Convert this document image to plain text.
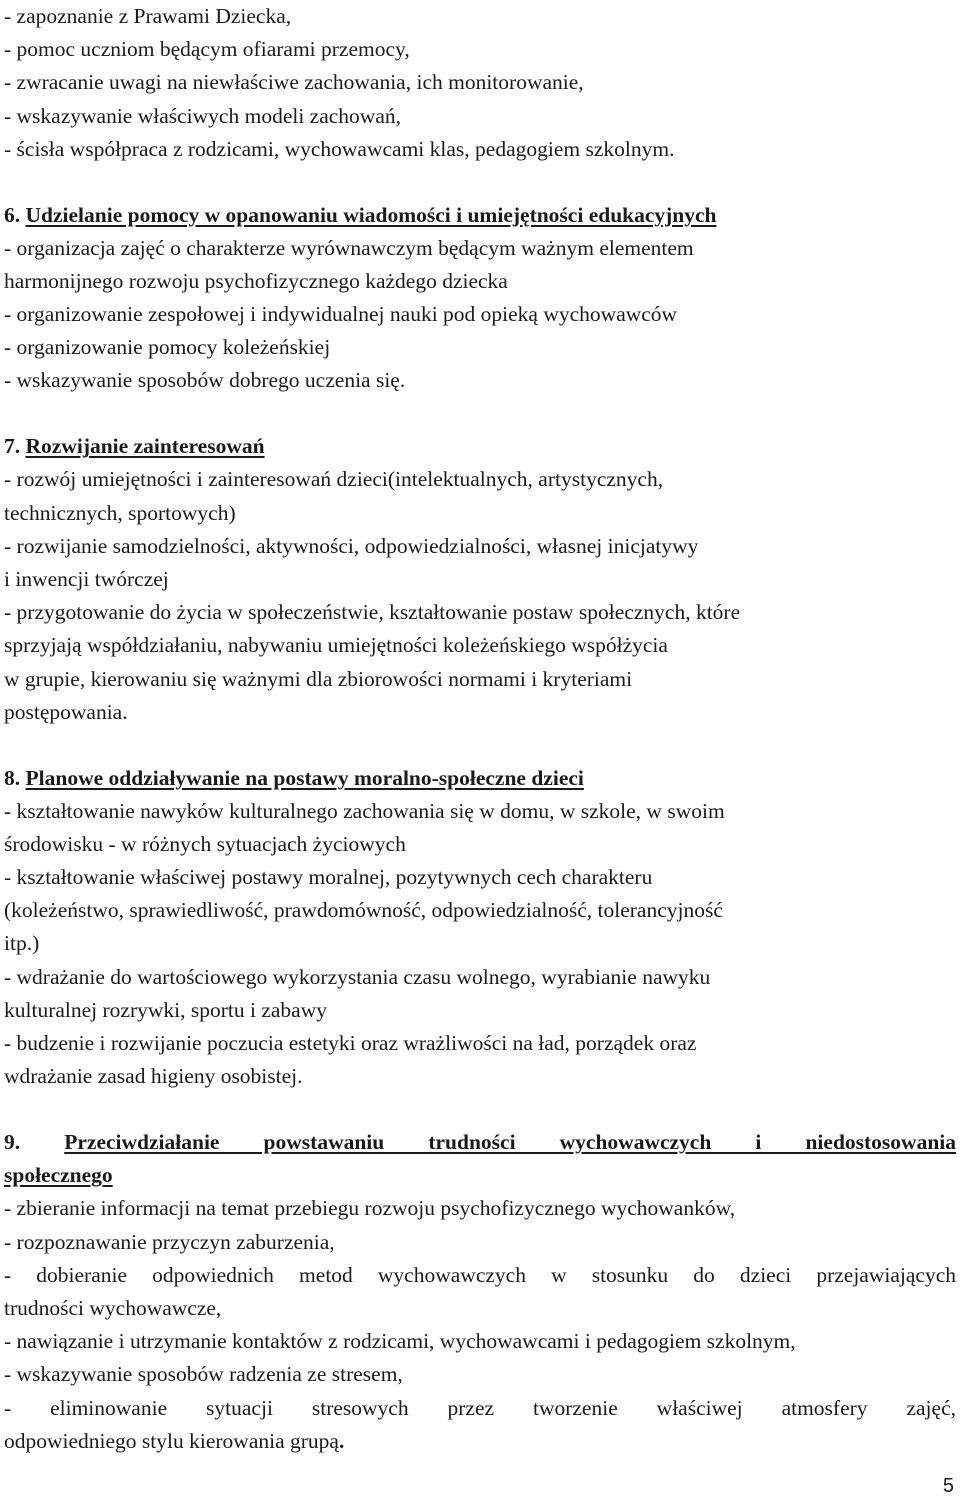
- zapoznanie z Prawami Dziecka,
- pomoc uczniom będącym ofiarami przemocy,
- zwracanie uwagi na niewłaściwe zachowania, ich monitorowanie,
- wskazywanie właściwych modeli zachowań,
- ścisła współpraca z rodzicami, wychowawcami klas, pedagogiem szkolnym.
6. Udzielanie pomocy w opanowaniu wiadomości i umiejętności edukacyjnych
- organizacja zajęć o charakterze wyrównawczym będącym ważnym elementem
harmonijnego rozwoju psychofizycznego każdego dziecka
- organizowanie zespołowej i indywidualnej nauki pod opieką wychowawców
- organizowanie pomocy koleżeńskiej
- wskazywanie sposobów dobrego uczenia się.
7. Rozwijanie zainteresowań
- rozwój umiejętności i zainteresowań dzieci(intelektualnych, artystycznych,
technicznych, sportowych)
- rozwijanie samodzielności, aktywności, odpowiedzialności, własnej inicjatywy
i inwencji twórczej
- przygotowanie do życia w społeczeństwie, kształtowanie postaw społecznych, które
sprzyjają współdziałaniu, nabywaniu umiejętności koleżeńskiego współżycia
w grupie, kierowaniu się ważnymi dla zbiorowości normami i kryteriami
postępowania.
8. Planowe oddziaływanie na postawy moralno-społeczne dzieci
- kształtowanie nawyków kulturalnego zachowania się w domu, w szkole, w swoim
środowisku - w różnych sytuacjach życiowych
- kształtowanie właściwej postawy moralnej, pozytywnych cech charakteru
(koleżeństwo, sprawiedliwość, prawdomówność, odpowiedzialność, tolerancyjność
itp.)
- wdrażanie do wartościowego wykorzystania czasu wolnego, wyrabianie nawyku
kulturalnej rozrywki, sportu i zabawy
- budzenie i rozwijanie poczucia estetyki oraz wrażliwości na ład, porządek oraz
wdrażanie zasad higieny osobistej.
9. Przeciwdziałanie powstawaniu trudności wychowawczych i niedostosowania
społecznego
- zbieranie informacji na temat przebiegu rozwoju psychofizycznego wychowanków,
- rozpoznawanie przyczyn zaburzenia,
- dobieranie odpowiednich metod wychowawczych w stosunku do dzieci przejawiających
trudności wychowawcze,
- nawiązanie i utrzymanie kontaktów z rodzicami, wychowawcami i pedagogiem szkolnym,
- wskazywanie sposobów radzenia ze stresem,
- eliminowanie sytuacji stresowych przez tworzenie właściwej atmosfery zajęć,
odpowiedniego stylu kierowania grupą.
5
